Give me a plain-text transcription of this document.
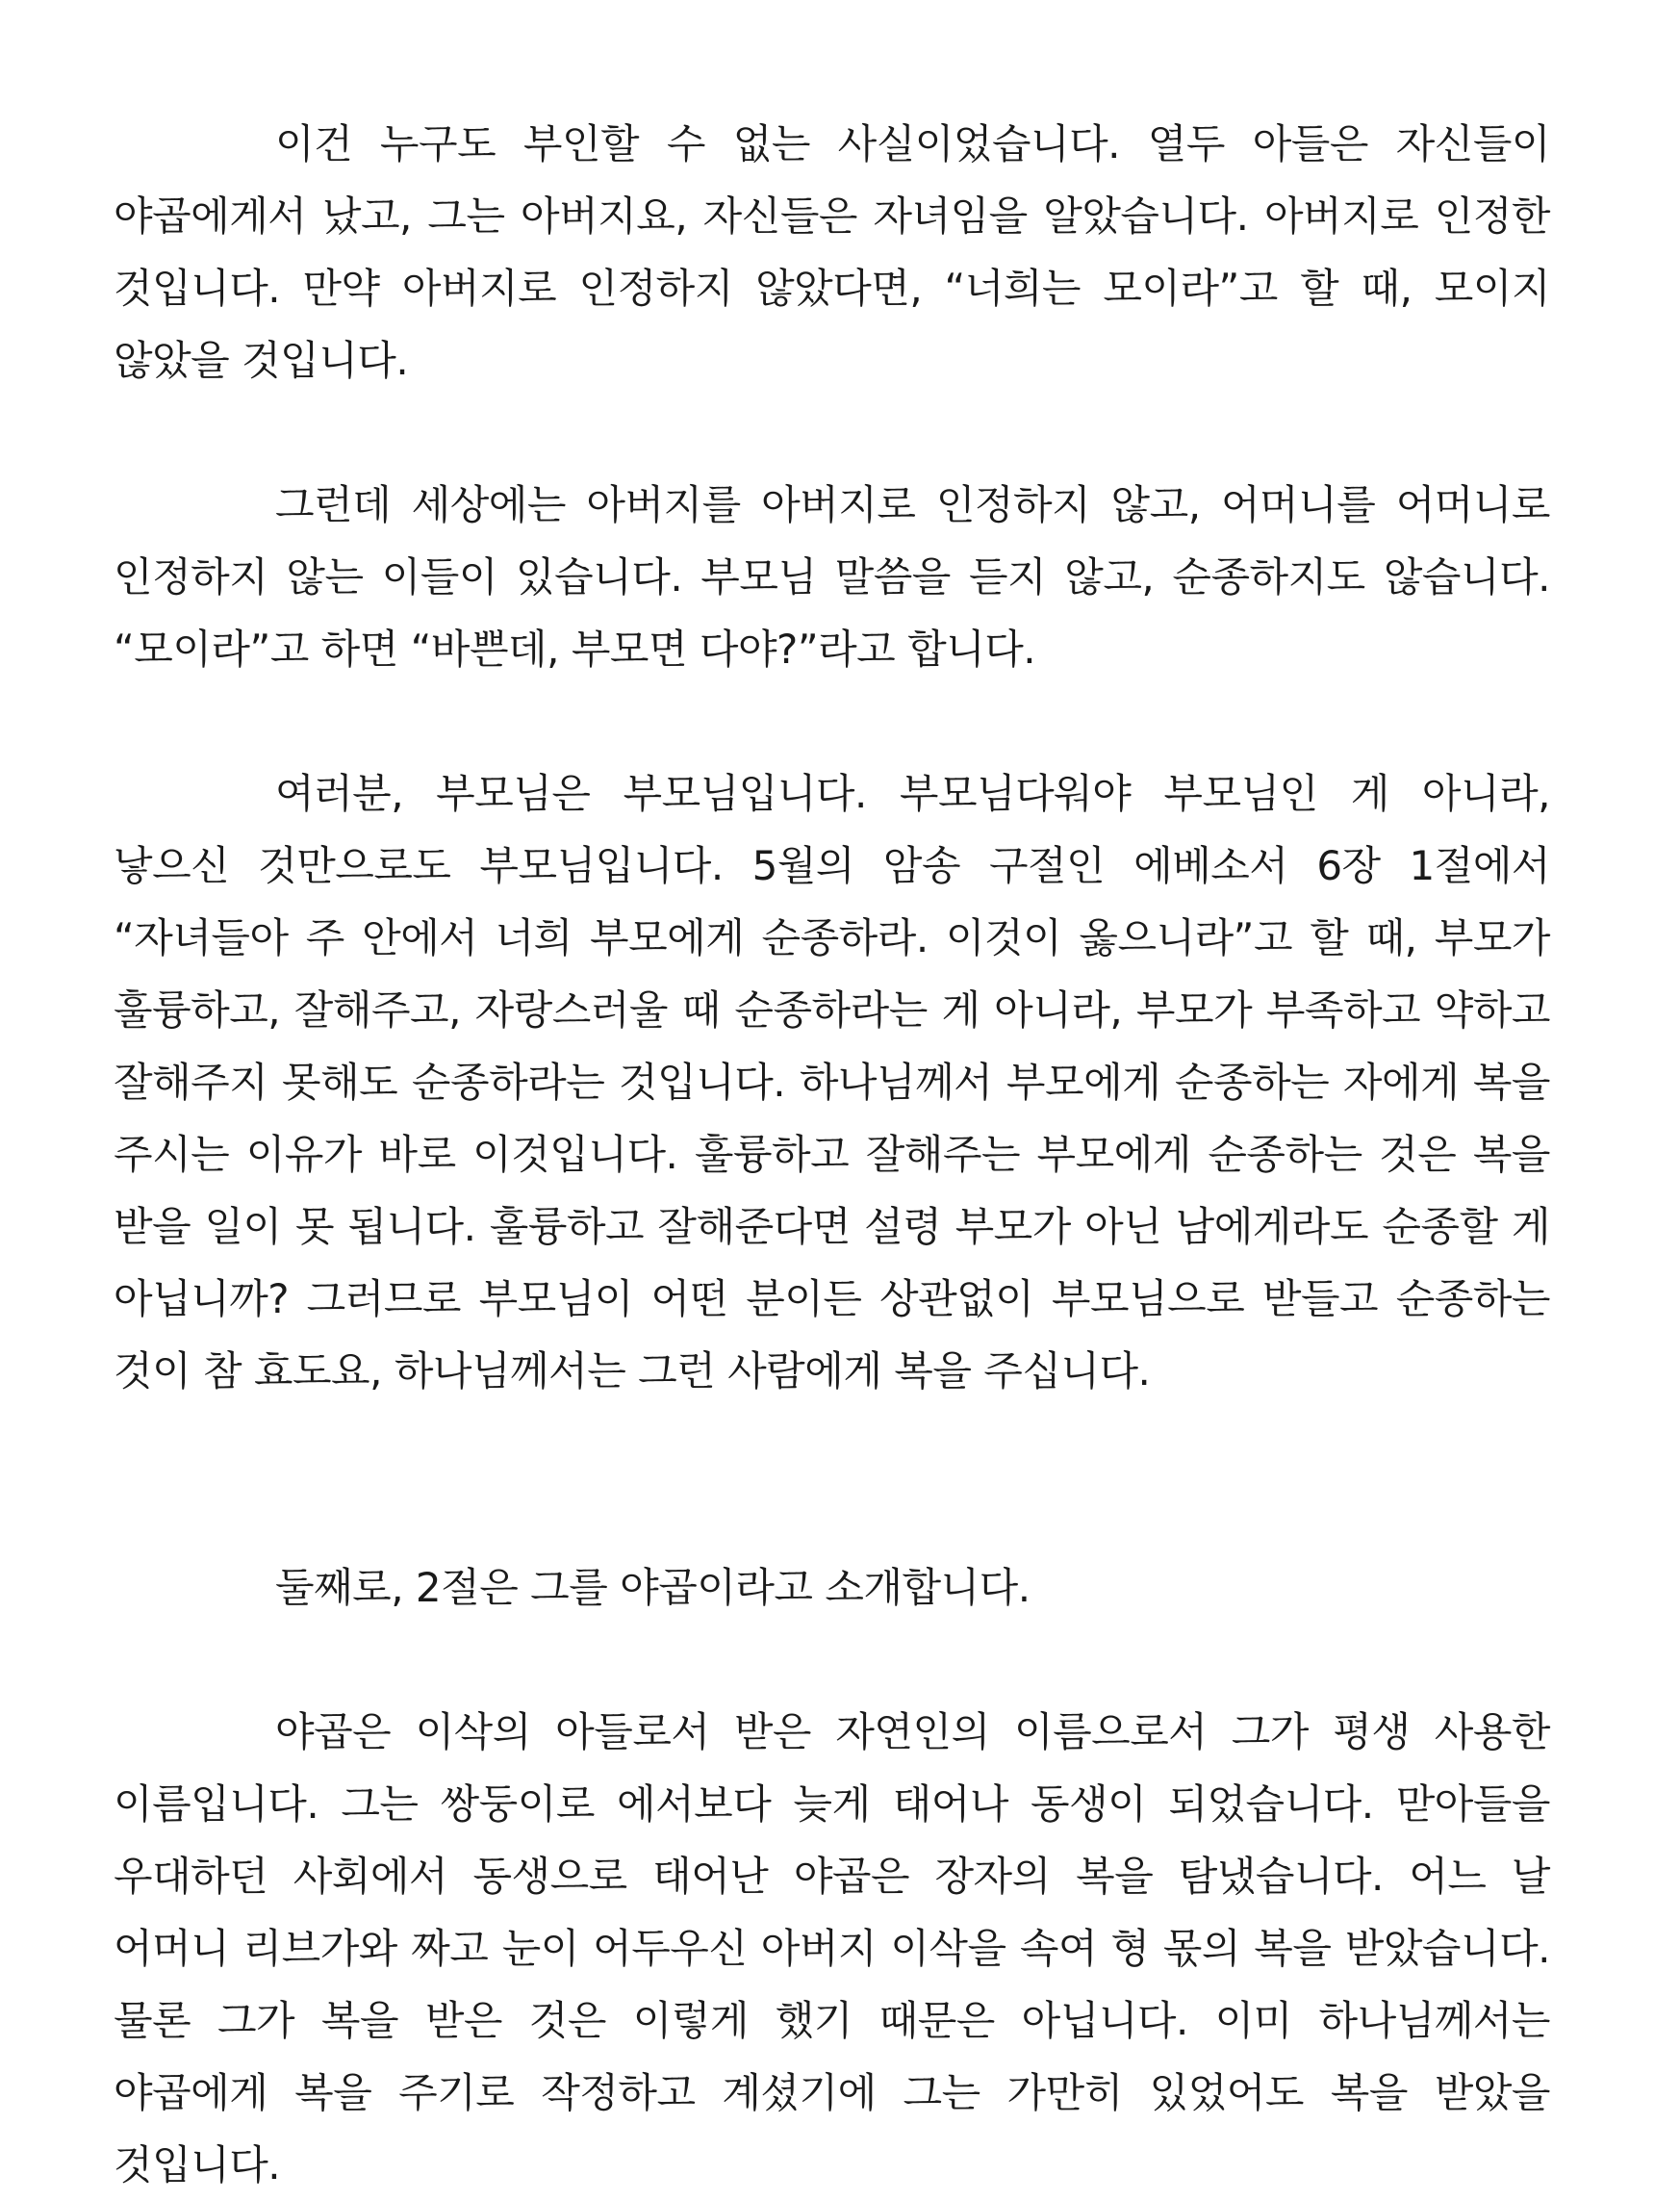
이건 누구도 부인할 수 없는 사실이었습니다. 열두 아들은 자신들이 야곱에게서 났고, 그는 아버지요, 자신들은 자녀임을 알았습니다. 아버지로 인정한 것입니다. 만약 아버지로 인정하지 않았다면, “너희는 모이라”고 할 때, 모이지 않았을 것입니다.

그런데 세상에는 아버지를 아버지로 인정하지 않고, 어머니를 어머니로 인정하지 않는 이들이 있습니다. 부모님 말씀을 듣지 않고, 순종하지도 않습니다. “모이라”고 하면 “바쁜데, 부모면 다야?”라고 합니다.

여러분, 부모님은 부모님입니다. 부모님다워야 부모님인 게 아니라, 낳으신 것만으로도 부모님입니다. 5월의 암송 구절인 에베소서 6장 1절에서 “자녀들아 주 안에서 너희 부모에게 순종하라. 이것이 옳으니라”고 할 때, 부모가 훌륭하고, 잘해주고, 자랑스러울 때 순종하라는 게 아니라, 부모가 부족하고 약하고 잘해주지 못해도 순종하라는 것입니다. 하나님께서 부모에게 순종하는 자에게 복을 주시는 이유가 바로 이것입니다. 훌륭하고 잘해주는 부모에게 순종하는 것은 복을 받을 일이 못 됩니다. 훌륭하고 잘해준다면 설령 부모가 아닌 남에게라도 순종할 게 아닙니까? 그러므로 부모님이 어떤 분이든 상관없이 부모님으로 받들고 순종하는 것이 참 효도요, 하나님께서는 그런 사람에게 복을 주십니다.

둘째로, 2절은 그를 야곱이라고 소개합니다.

야곱은 이삭의 아들로서 받은 자연인의 이름으로서 그가 평생 사용한 이름입니다. 그는 쌍둥이로 에서보다 늦게 태어나 동생이 되었습니다. 맏아들을 우대하던 사회에서 동생으로 태어난 야곱은 장자의 복을 탐냈습니다. 어느 날 어머니 리브가와 짜고 눈이 어두우신 아버지 이삭을 속여 형 몫의 복을 받았습니다. 물론 그가 복을 받은 것은 이렇게 했기 때문은 아닙니다. 이미 하나님께서는 야곱에게 복을 주기로 작정하고 계셨기에 그는 가만히 있었어도 복을 받았을 것입니다.
